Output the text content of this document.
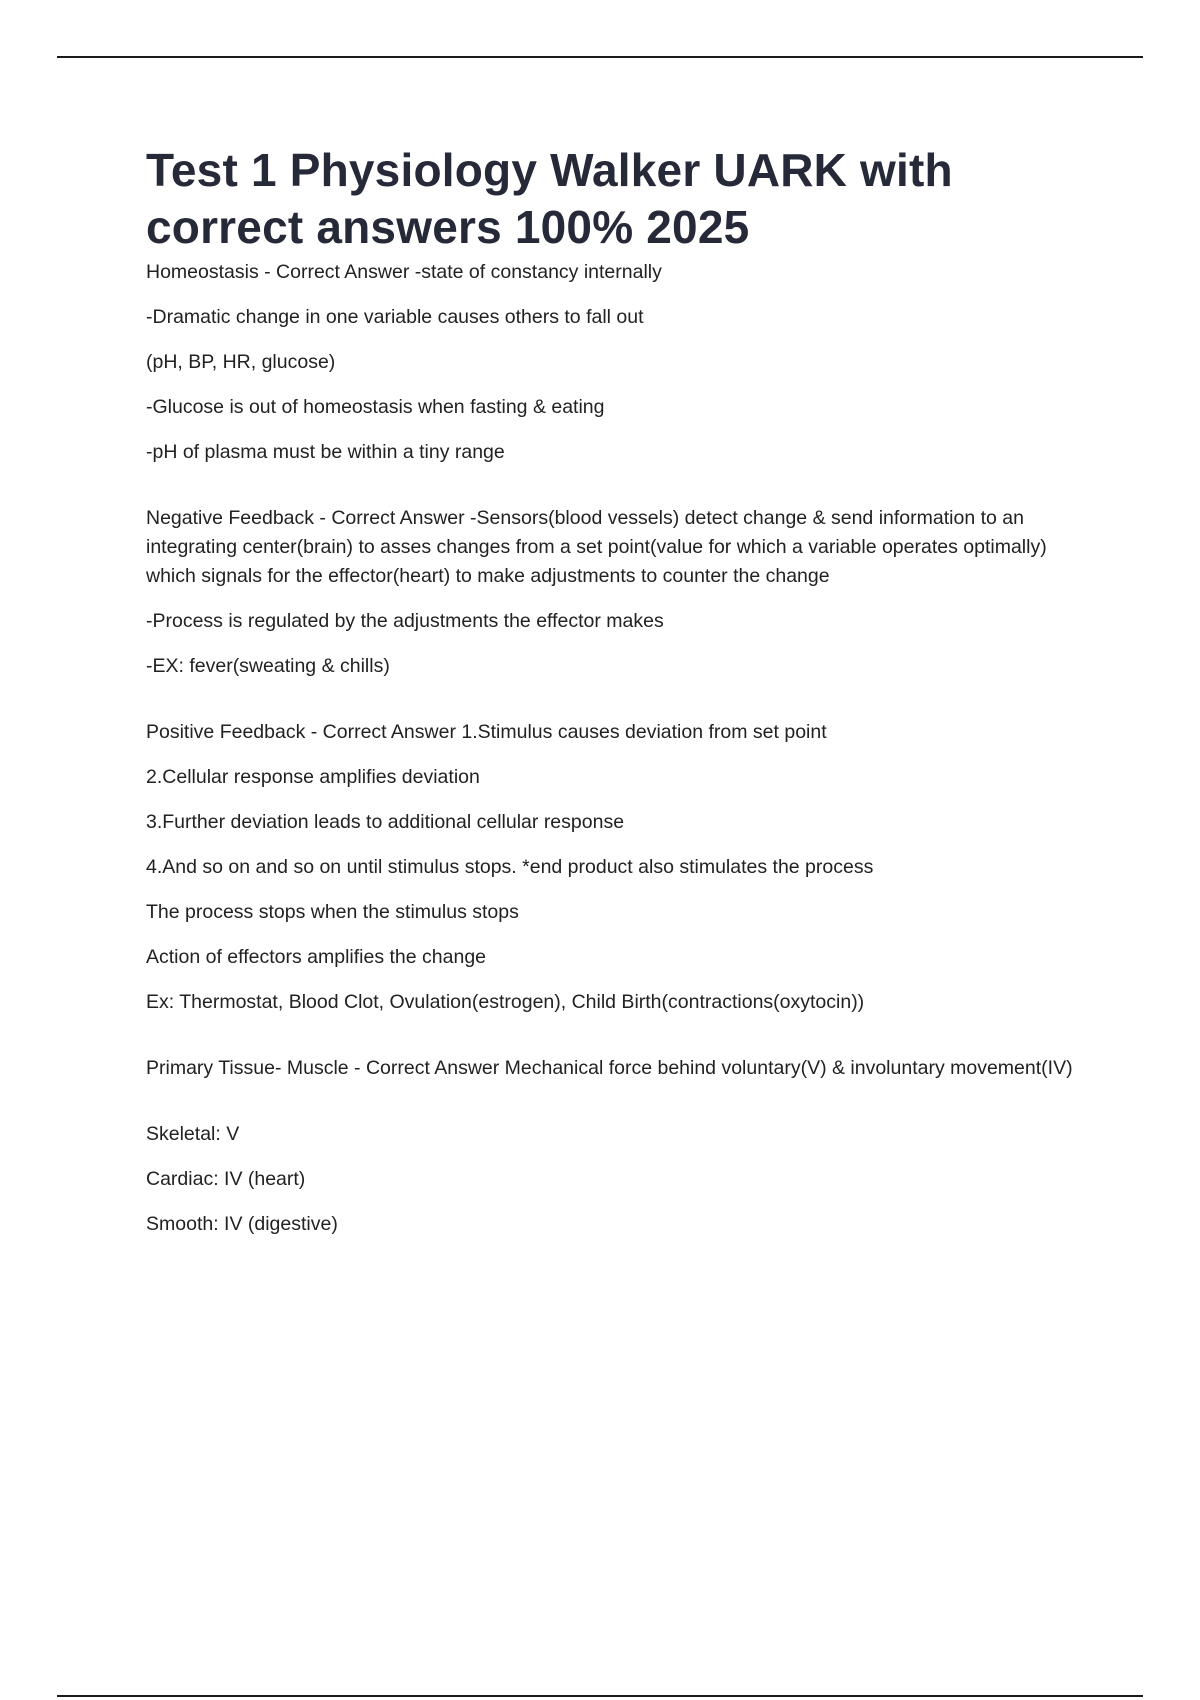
Test 1 Physiology Walker UARK with correct answers 100% 2025

Homeostasis - Correct Answer -state of constancy internally

-Dramatic change in one variable causes others to fall out

(pH, BP, HR, glucose)

-Glucose is out of homeostasis when fasting & eating

-pH of plasma must be within a tiny range

Negative Feedback - Correct Answer -Sensors(blood vessels) detect change & send information to an integrating center(brain) to asses changes from a set point(value for which a variable operates optimally) which signals for the effector(heart) to make adjustments to counter the change

-Process is regulated by the adjustments the effector makes

-EX: fever(sweating & chills)

Positive Feedback - Correct Answer 1.Stimulus causes deviation from set point

2.Cellular response amplifies deviation

3.Further deviation leads to additional cellular response

4.And so on and so on until stimulus stops. *end product also stimulates the process

The process stops when the stimulus stops

Action of effectors amplifies the change

Ex: Thermostat, Blood Clot, Ovulation(estrogen), Child Birth(contractions(oxytocin))

Primary Tissue- Muscle - Correct Answer Mechanical force behind voluntary(V) & involuntary movement(IV)

Skeletal: V

Cardiac: IV (heart)

Smooth: IV (digestive)
